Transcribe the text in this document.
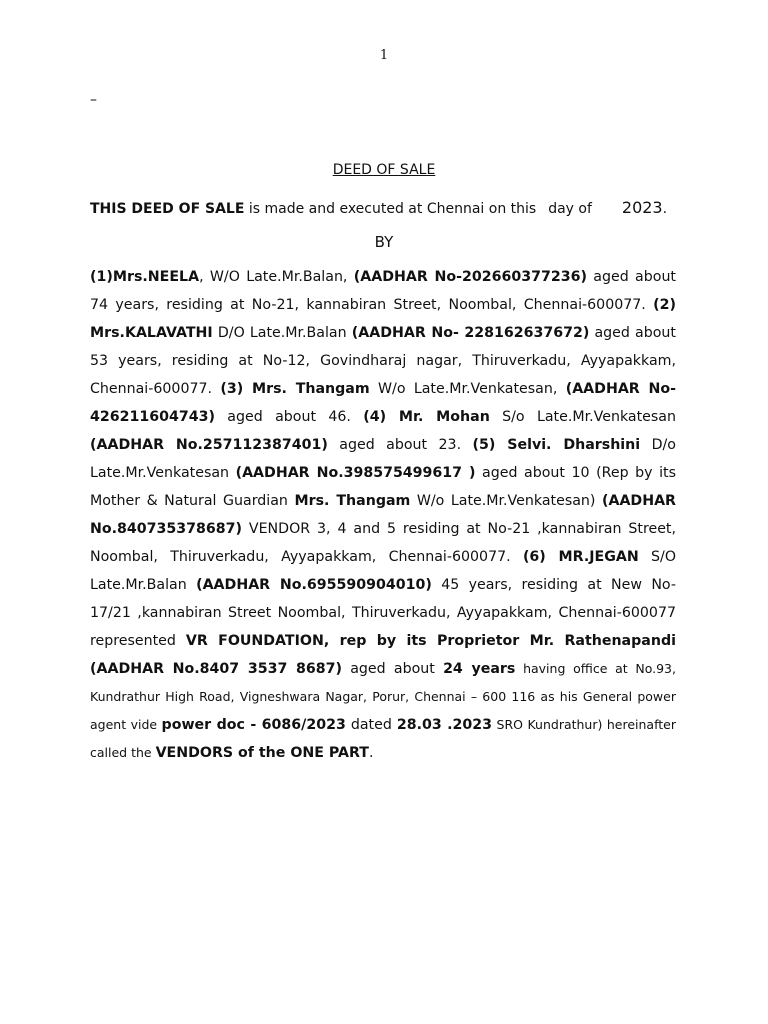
1
–
DEED OF SALE
THIS DEED OF SALE is made and executed at Chennai on this day of 2023.
BY

(1)Mrs.NEELA, W/O Late.Mr.Balan, (AADHAR No-202660377236) aged about 74 years, residing at No-21, kannabiran Street, Noombal, Chennai-600077. (2) Mrs.KALAVATHI D/O Late.Mr.Balan (AADHAR No- 228162637672) aged about 53 years, residing at No-12, Govindharaj nagar, Thiruverkadu, Ayyapakkam, Chennai-600077. (3) Mrs. Thangam W/o Late.Mr.Venkatesan, (AADHAR No-426211604743) aged about 46. (4) Mr. Mohan S/o Late.Mr.Venkatesan (AADHAR No.257112387401) aged about 23. (5) Selvi. Dharshini D/o Late.Mr.Venkatesan (AADHAR No.398575499617 ) aged about 10 (Rep by its Mother & Natural Guardian Mrs. Thangam W/o Late.Mr.Venkatesan) (AADHAR No.840735378687) VENDOR 3, 4 and 5 residing at No-21 ,kannabiran Street, Noombal, Thiruverkadu, Ayyapakkam, Chennai-600077. (6) MR.JEGAN S/O Late.Mr.Balan (AADHAR No.695590904010) 45 years, residing at New No-17/21 ,kannabiran Street Noombal, Thiruverkadu, Ayyapakkam, Chennai-600077 represented VR FOUNDATION, rep by its Proprietor Mr. Rathenapandi (AADHAR No.8407 3537 8687) aged about 24 years having office at No.93, Kundrathur High Road, Vigneshwara Nagar, Porur, Chennai – 600 116 as his General power agent vide power doc - 6086/2023 dated 28.03 .2023 SRO Kundrathur) hereinafter called the VENDORS of the ONE PART.
